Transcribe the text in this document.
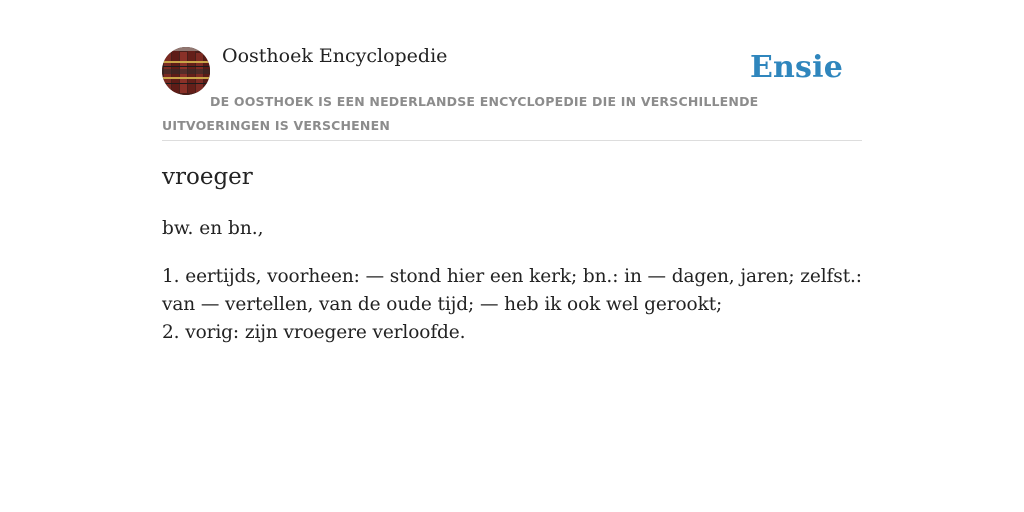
Oosthoek Encyclopedie	Ensie
DE OOSTHOEK IS EEN NEDERLANDSE ENCYCLOPEDIE DIE IN VERSCHILLENDE UITVOERINGEN IS VERSCHENEN
vroeger

bw. en bn.,

1. eertijds, voorheen: — stond hier een kerk; bn.: in — dagen, jaren; zelfst.: van — vertellen, van de oude tijd; — heb ik ook wel gerookt;
2. vorig: zijn vroegere verloofde.
